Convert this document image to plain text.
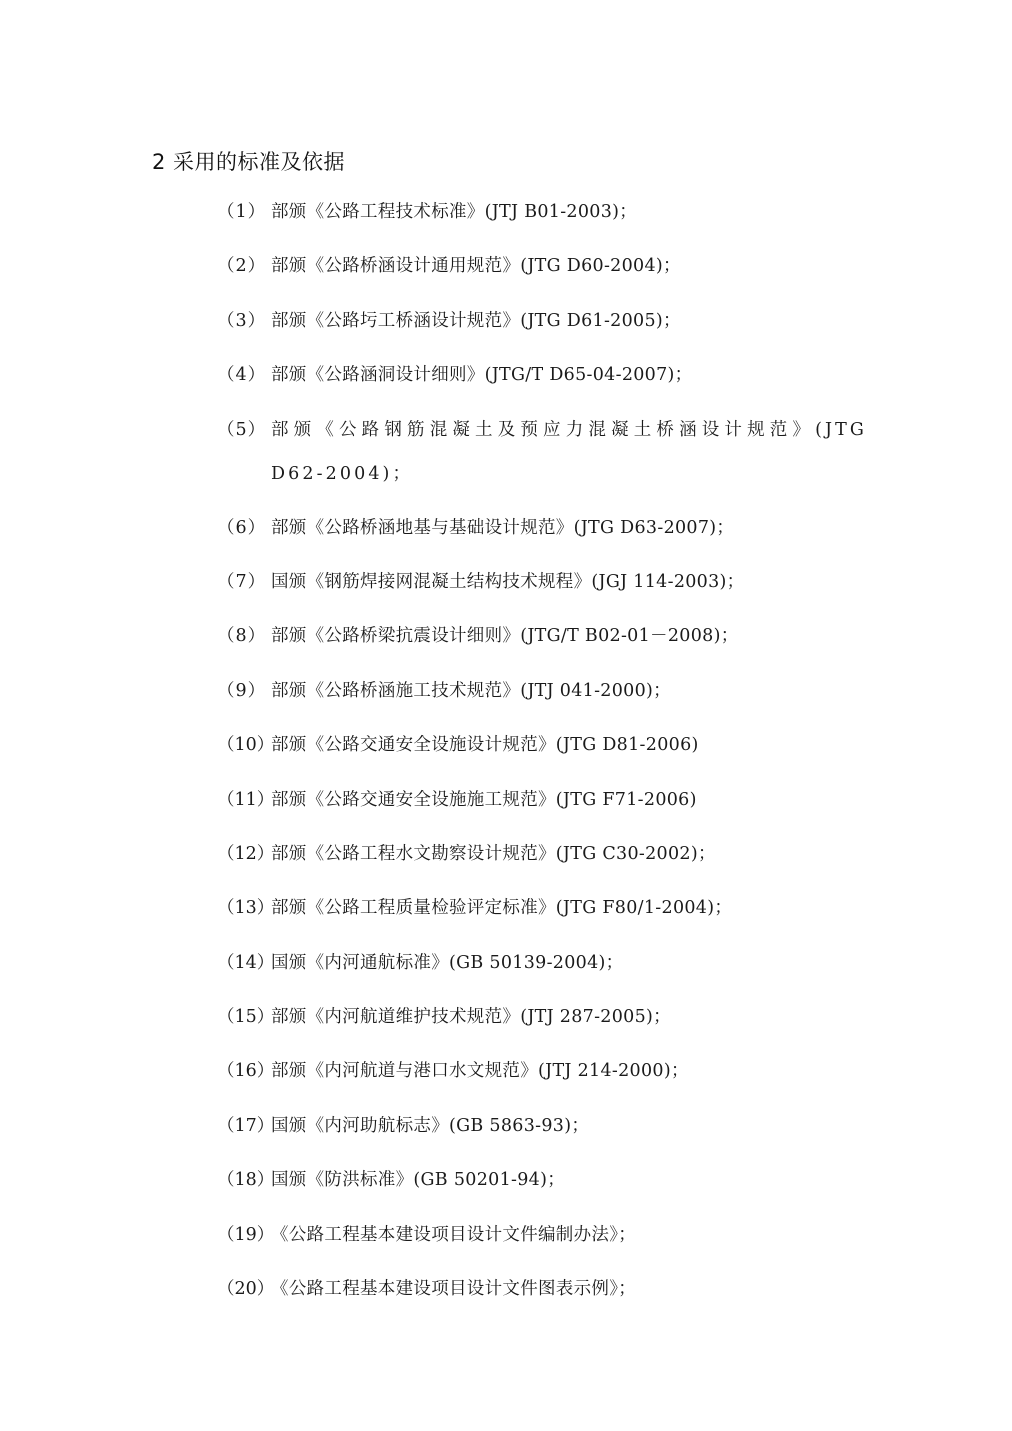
2 采用的标准及依据
（1） 部颁《公路工程技术标准》(JTJ B01-2003)；
（2） 部颁《公路桥涵设计通用规范》(JTG D60-2004)；
（3） 部颁《公路圬工桥涵设计规范》(JTG D61-2005)；
（4） 部颁《公路涵洞设计细则》(JTG/T D65-04-2007)；
（5） 部颁《公路钢筋混凝土及预应力混凝土桥涵设计规范》(JTG D62-2004)；
（6） 部颁《公路桥涵地基与基础设计规范》(JTG D63-2007)；
（7） 国颁《钢筋焊接网混凝土结构技术规程》(JGJ 114-2003)；
（8） 部颁《公路桥梁抗震设计细则》(JTG/T B02-01－2008)；
（9） 部颁《公路桥涵施工技术规范》(JTJ 041-2000)；
（10）
部颁《公路交通安全设施设计规范》(JTG D81-2006)
（11）
部颁《公路交通安全设施施工规范》(JTG F71-2006)
（12）
部颁《公路工程水文勘察设计规范》(JTG C30-2002)；
（13）
部颁《公路工程质量检验评定标准》(JTG F80/1-2004)；
（14）
国颁《内河通航标准》(GB 50139-2004)；
（15）
部颁《内河航道维护技术规范》(JTJ 287-2005)；
（16）
部颁《内河航道与港口水文规范》(JTJ 214-2000)；
（17）
国颁《内河助航标志》(GB 5863-93)；
（18）
国颁《防洪标准》(GB 50201-94)；
（19）
《公路工程基本建设项目设计文件编制办法》；
（20）
《公路工程基本建设项目设计文件图表示例》；
